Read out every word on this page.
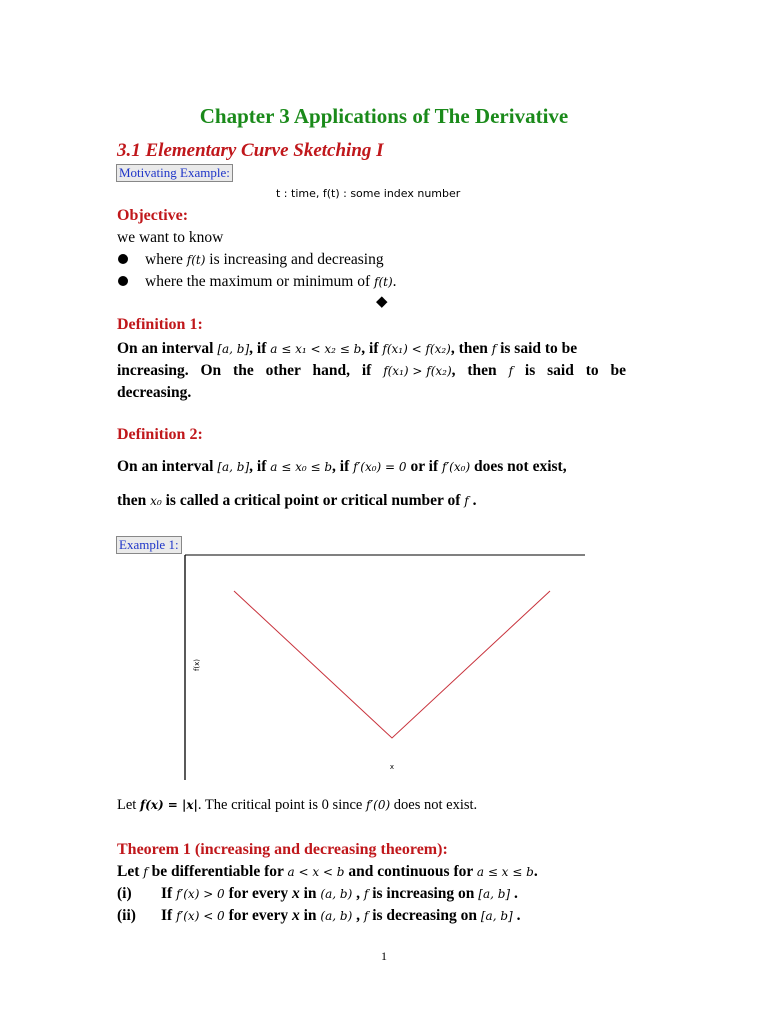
Chapter 3 Applications of The Derivative
3.1 Elementary Curve Sketching I
Motivating Example:
t : time, f(t) : some index number
Objective:
we want to know
where f(t) is increasing and decreasing
where the maximum or minimum of f(t).
◆
Definition 1:
On an interval [a, b], if a ≤ x₁ < x₂ ≤ b, if f(x₁) < f(x₂), then f is said to be
increasing. On the other hand, if f(x₁) > f(x₂), then f is said to be
decreasing.
Definition 2:
On an interval [a, b], if a ≤ x₀ ≤ b, if f′(x₀) = 0 or if f′(x₀) does not exist,
then x₀ is called a critical point or critical number of f .
Example 1:
x
f(x)
Let f(x) = |x|. The critical point is 0 since f′(0) does not exist.
Theorem 1 (increasing and decreasing theorem):
Let f be differentiable for a < x < b and continuous for a ≤ x ≤ b.
(i) If f′(x) > 0 for every x in (a, b) , f is increasing on [a, b] .
(ii) If f′(x) < 0 for every x in (a, b) , f is decreasing on [a, b] .
1
